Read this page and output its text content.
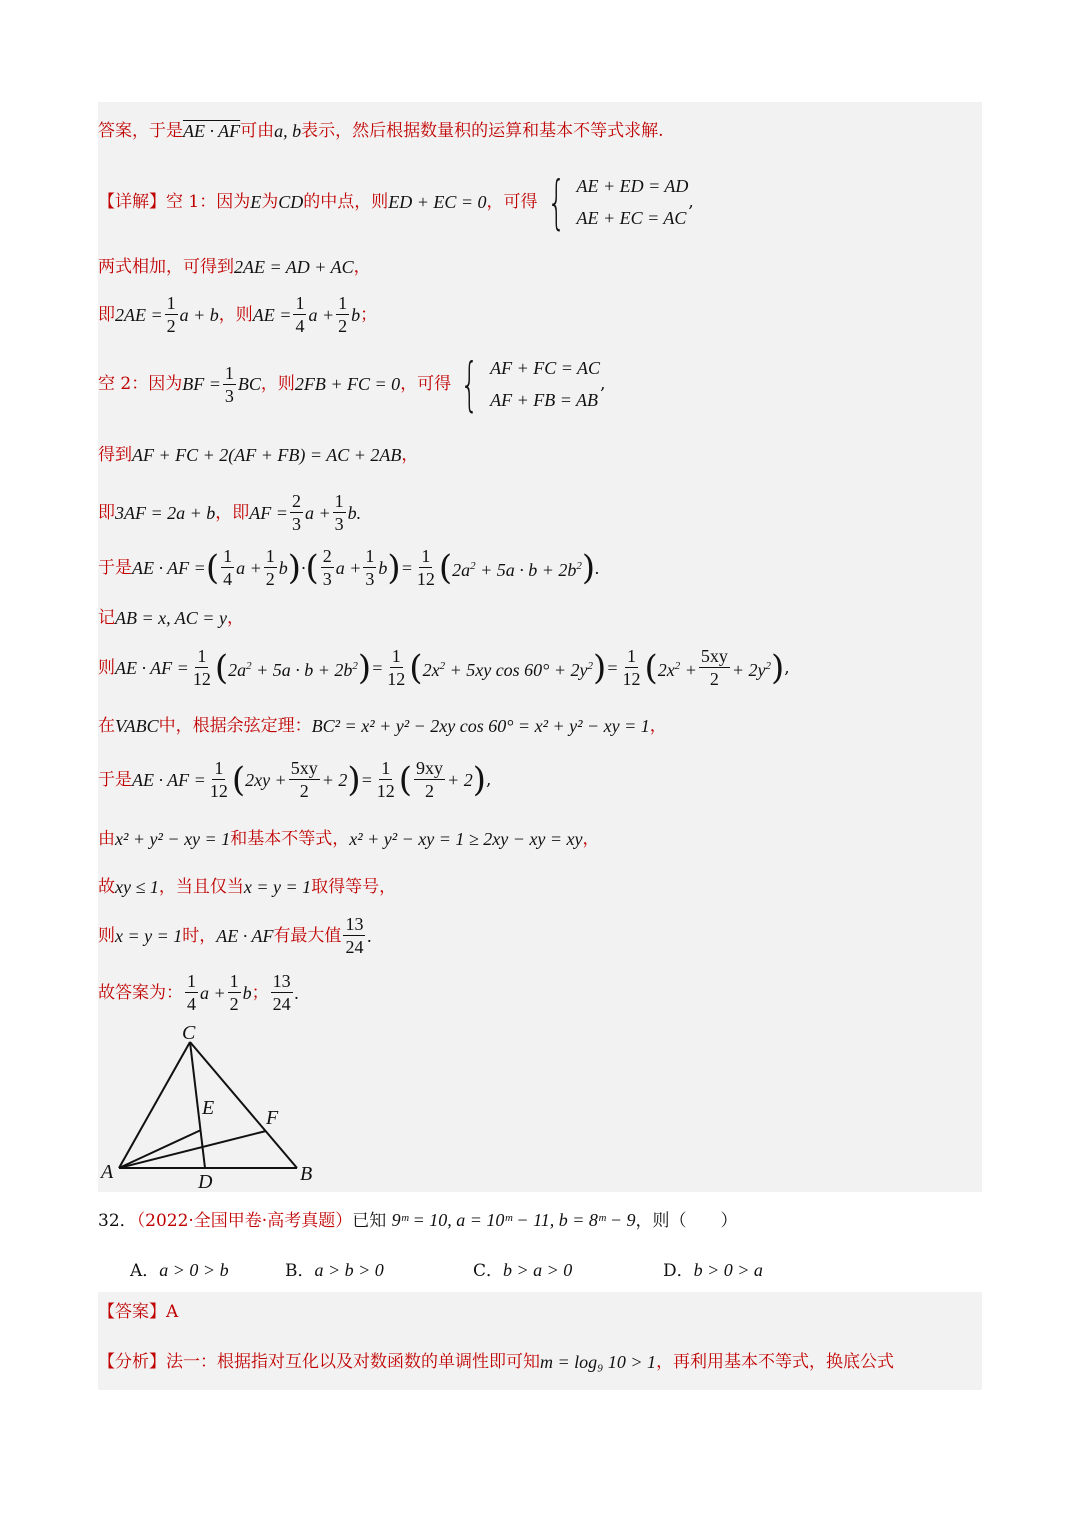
答案，于是 AE · AF 可由 a, b 表示，然后根据数量积的运算和基本不等式求解.
【详解】 空 1：因为 E 为 CD 的中点，则 ED + EC = 0 ，可得 { AE + ED = AD
AE + EC = AC
,
两式相加，可得到 2AE = AD + AC ，
即 $2AE = \frac{1}{2}$ a + b ，则 AE = $\frac{1}{4}$ $a + \frac{1}{2}$ b ；
空 2：因为 BF = $\frac{1}{3}$ BC ，则 2FB + FC = 0 ，可得 { AF + FC = AC
AF + FB = AB
,
得到 AF + FC + 2(AF + FB) = AC + 2AB ，
即 3AF = 2a + b ，即 AF = $\frac{2}{3}$ $a + \frac{1}{3} b$.
于是 AE · AF = ( $\frac{1}{4}$ $a + \frac{1}{2}$ b ) · ( $\frac{2}{3}$ $a + \frac{1}{3}$ b ) = $\frac{1}{12}$ ( $2a^2 + 5a \cdot b + 2b^2$ ) .
记 AB = x, AC = y ，
则 AE · AF = $\frac{1}{12}$ ( $2a^2 + 5a \cdot b + 2b^2$ ) = $\frac{1}{12}$ ( $2x^2 + 5xy$ $\cos 60^\circ + 2y^2$ ) = $\frac{1}{12}$ ( $2x^2 + \frac{5xy}{2} + 2y^2$ ) ,
在 VABC 中，根据余弦定理： BC² = x² + y² − 2xy cos 60° = x² + y² − xy = 1 ，
于是 AE · AF = $\frac{1}{12}$ ( $2xy + \frac{5xy}{2} + 2$ ) = $\frac{1}{12}$ ( $\frac{9xy}{2} + 2$ ) ,
由 x² + y² − xy = 1 和基本不等式， x² + y² − xy = 1 ≥ 2xy − xy = xy ，
故 xy ≤ 1 ，当且仅当 x = y = 1 取得等号，
则 x = y = 1 时， AE · AF 有最大值 $\frac{13}{24}$ .
故答案为： $\frac{1}{4}$ $a + \frac{1}{2}$ b ； $\frac{13}{24}$ .
C
E	F
A	D	B
32．（2022·全国甲卷·高考真题）已知 9ᵐ = 10, a = 10ᵐ − 11, b = 8ᵐ − 9，则（　　）
A．a > 0 > b	B．a > b > 0	C．b > a > 0	D．b > 0 > a
【答案】 A
【分析】 法一：根据指对互化以及对数函数的单调性即可知 m = log₉ 10 > 1 ，再利用基本不等式，换底公式
